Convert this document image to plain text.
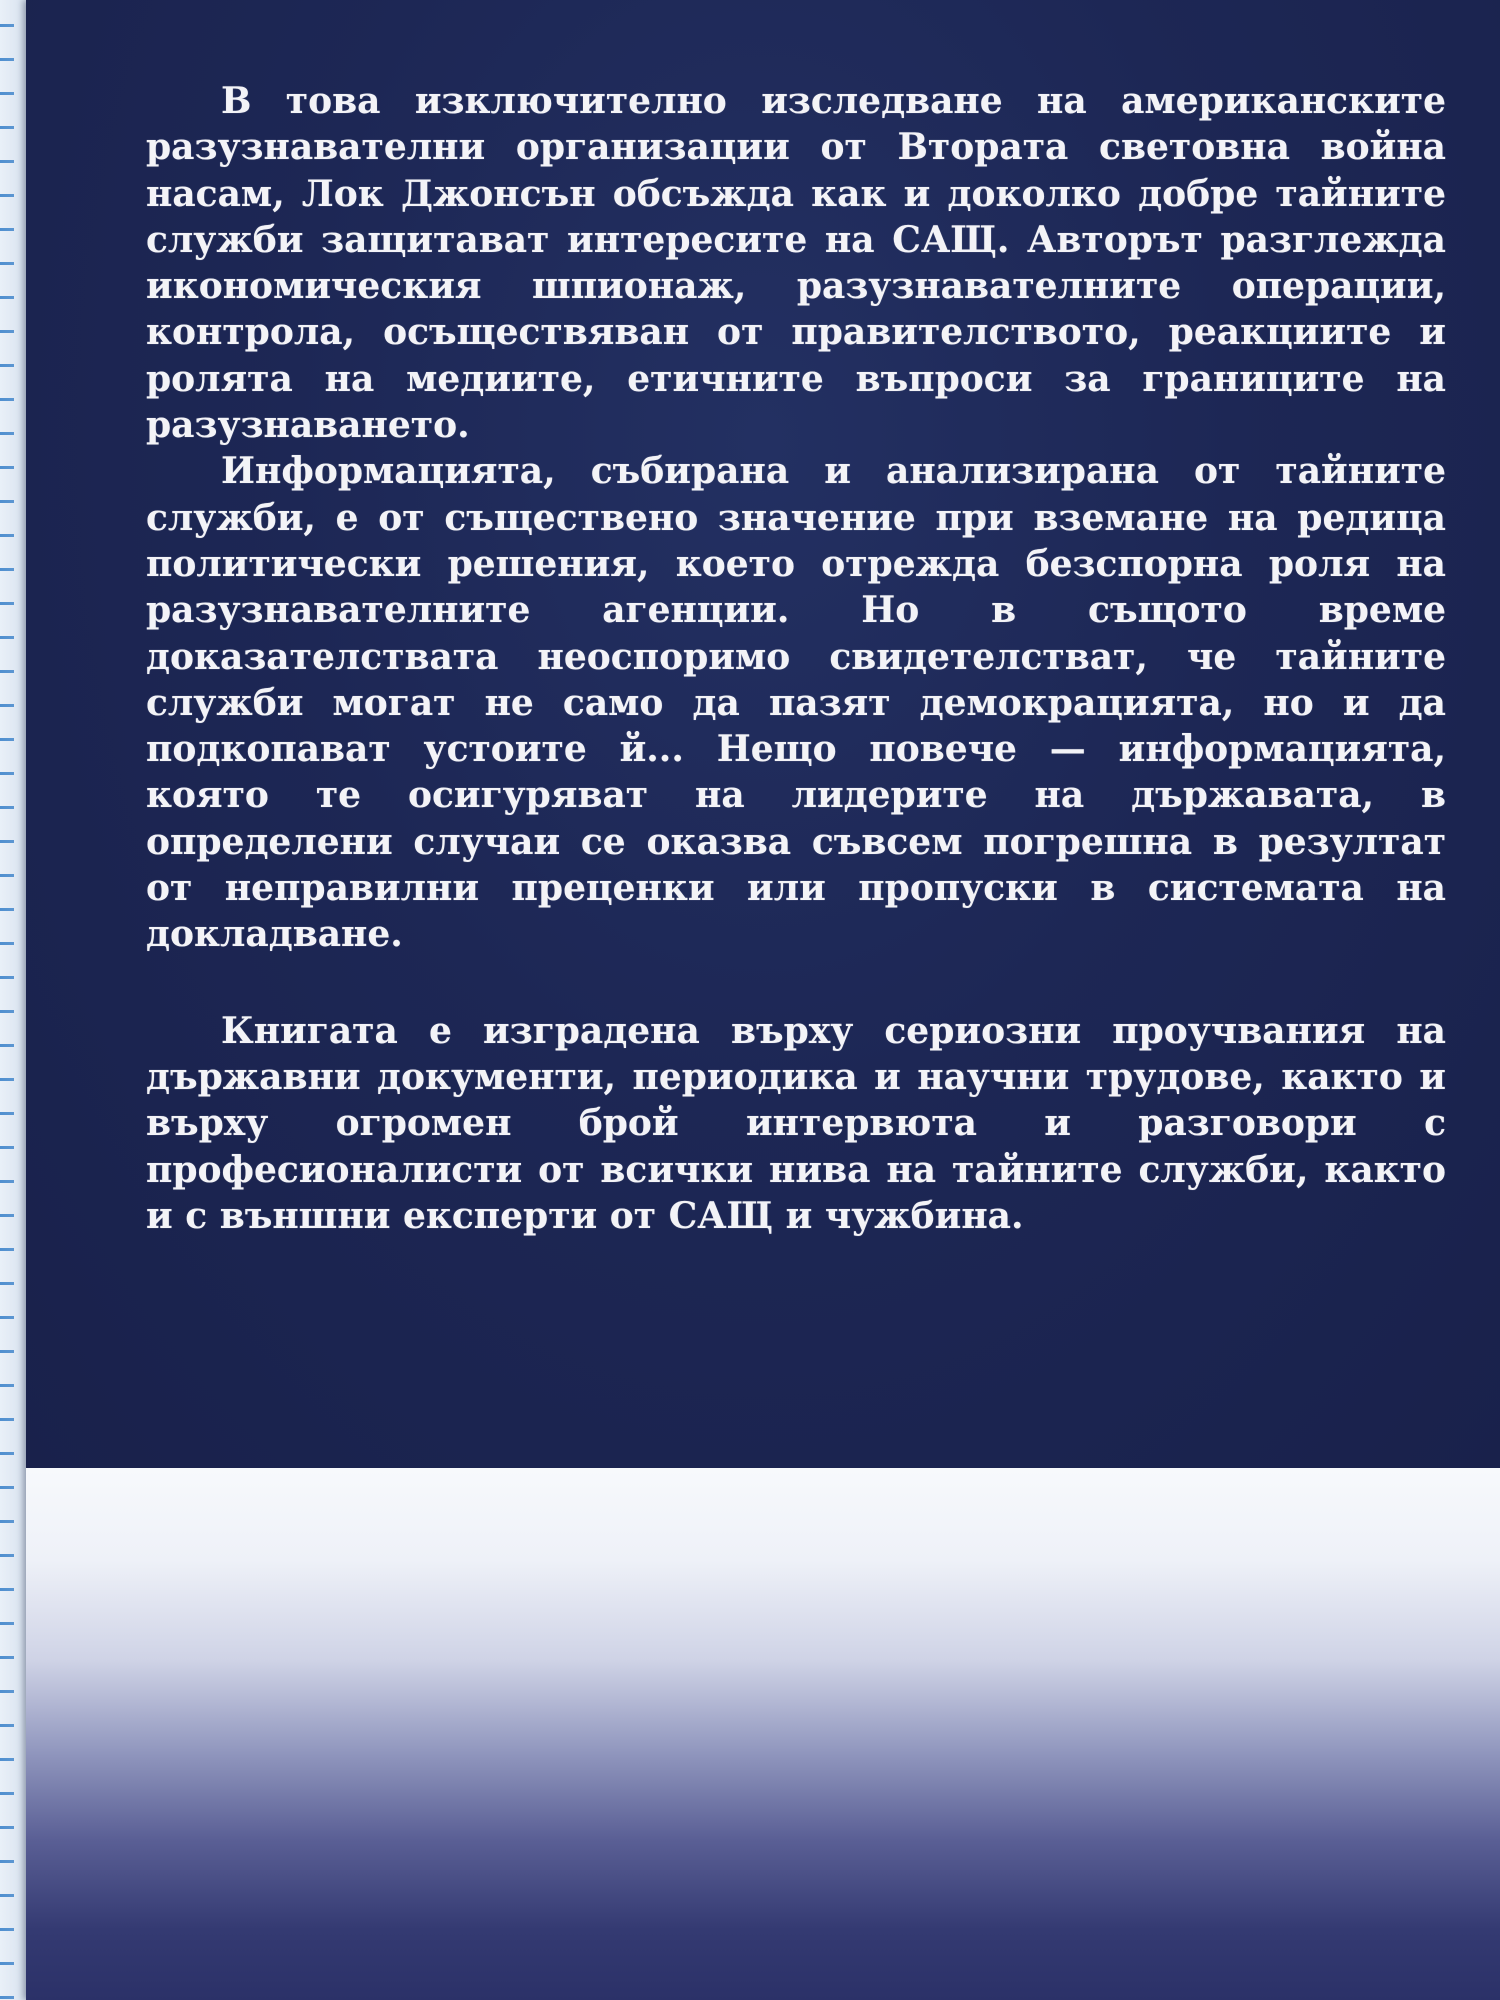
В това изключително изследване на американските разузнавателни организации от Втората световна война насам, Лок Джонсън обсъжда как и доколко добре тайните служби защитават интересите на САЩ. Авторът разглежда икономическия шпионаж, разузнавателните операции, контрола, осъществяван от правителството, реакциите и ролята на медиите, етичните въпроси за границите на разузнаването.

Информацията, събирана и анализирана от тайните служби, е от съществено значение при вземане на редица политически решения, което отрежда безспорна роля на разузнавателните агенции. Но в същото време доказателствата неоспоримо свидетелстват, че тайните служби могат не само да пазят демокрацията, но и да подкопават устоите й... Нещо повече — информацията, която те осигуряват на лидерите на държавата, в определени случаи се оказва съвсем погрешна в резултат от неправилни преценки или пропуски в системата на докладване.

Книгата е изградена върху сериозни проучвания на държавни документи, периодика и научни трудове, както и върху огромен брой интервюта и разговори с професионалисти от всички нива на тайните служби, както и с външни експерти от САЩ и чужбина.
